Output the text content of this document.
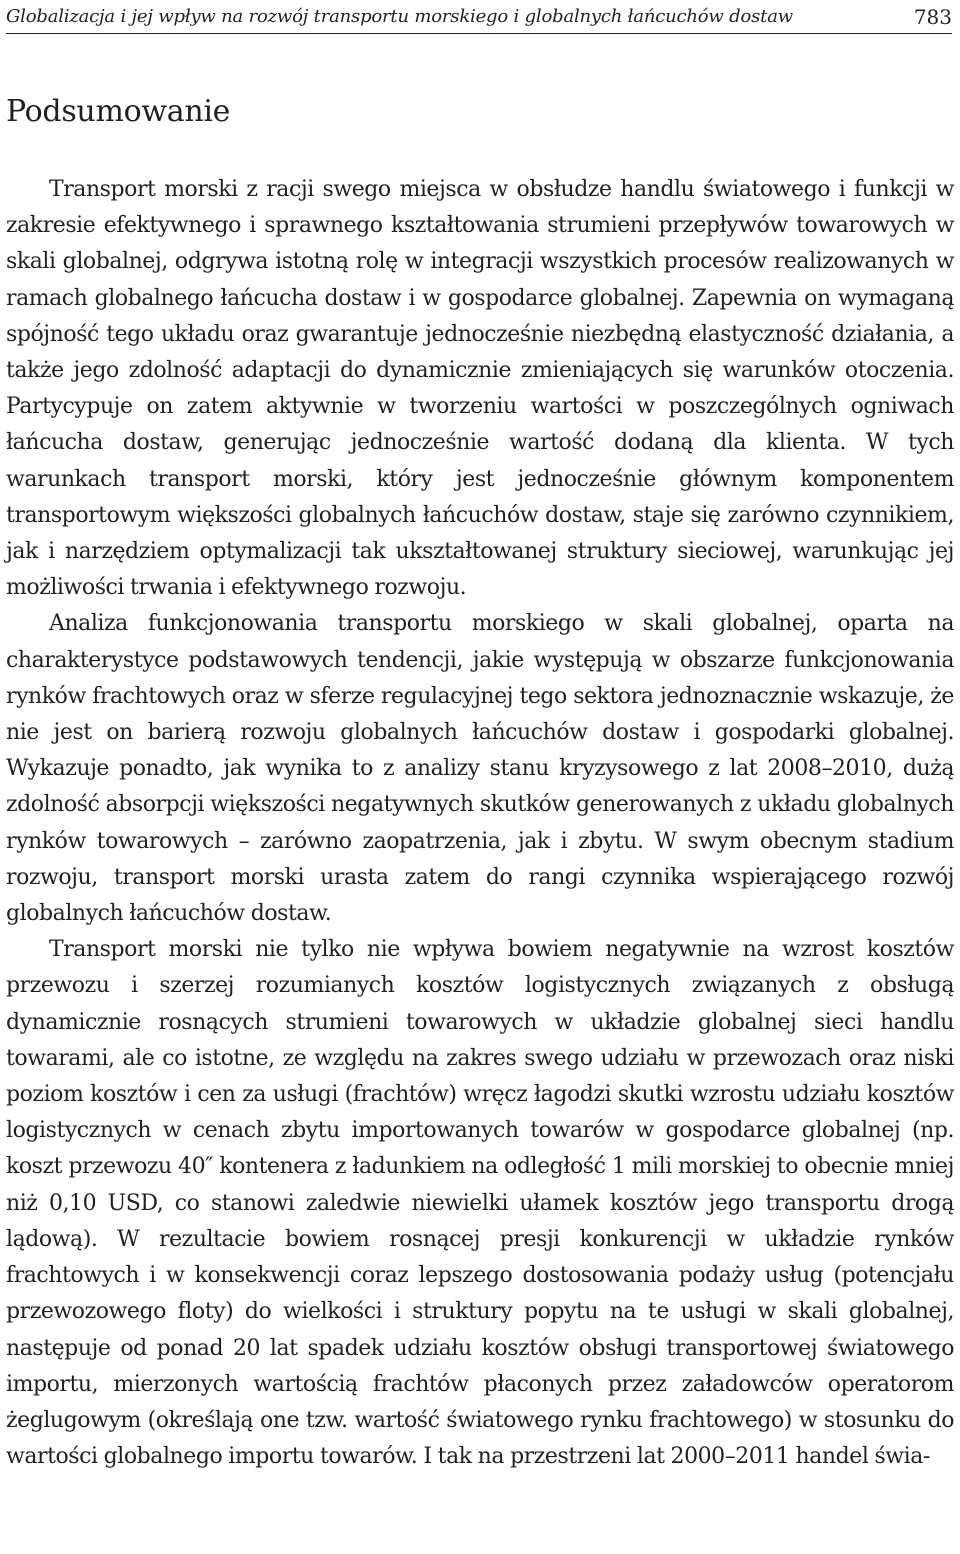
Globalizacja i jej wpływ na rozwój transportu morskiego i globalnych łańcuchów dostaw	783
Podsumowanie

Transport morski z racji swego miejsca w obsłudze handlu światowego i funkcji w zakresie efektywnego i sprawnego kształtowania strumieni przepływów towarowych w skali globalnej, odgrywa istotną rolę w integracji wszystkich procesów realizowanych w ramach globalnego łańcucha dostaw i w gospodarce globalnej. Zapewnia on wymaganą spójność tego układu oraz gwarantuje jednocześnie niezbędną elastyczność działania, a także jego zdolność adaptacji do dynamicznie zmieniających się warunków otoczenia. Partycypuje on zatem aktywnie w tworzeniu wartości w poszczególnych ogniwach łańcucha dostaw, generując jednocześnie wartość dodaną dla klienta. W tych warunkach transport morski, który jest jednocześnie głównym komponentem transportowym większości globalnych łańcuchów dostaw, staje się zarówno czynnikiem, jak i narzędziem optymalizacji tak ukształtowanej struktury sieciowej, warunkując jej możliwości trwania i efektywnego rozwoju.

Analiza funkcjonowania transportu morskiego w skali globalnej, oparta na charakterystyce podstawowych tendencji, jakie występują w obszarze funkcjonowania rynków frachtowych oraz w sferze regulacyjnej tego sektora jednoznacznie wskazuje, że nie jest on barierą rozwoju globalnych łańcuchów dostaw i gospodarki globalnej. Wykazuje ponadto, jak wynika to z analizy stanu kryzysowego z lat 2008–2010, dużą zdolność absorpcji większości negatywnych skutków generowanych z układu globalnych rynków towarowych – zarówno zaopatrzenia, jak i zbytu. W swym obecnym stadium rozwoju, transport morski urasta zatem do rangi czynnika wspierającego rozwój globalnych łańcuchów dostaw.

Transport morski nie tylko nie wpływa bowiem negatywnie na wzrost kosztów przewozu i szerzej rozumianych kosztów logistycznych związanych z obsługą dynamicznie rosnących strumieni towarowych w układzie globalnej sieci handlu towarami, ale co istotne, ze względu na zakres swego udziału w przewozach oraz niski poziom kosztów i cen za usługi (frachtów) wręcz łagodzi skutki wzrostu udziału kosztów logistycznych w cenach zbytu importowanych towarów w gospodarce globalnej (np. koszt przewozu 40″ kontenera z ładunkiem na odległość 1 mili morskiej to obecnie mniej niż 0,10 USD, co stanowi zaledwie niewielki ułamek kosztów jego transportu drogą lądową). W rezultacie bowiem rosnącej presji konkurencji w układzie rynków frachtowych i w konsekwencji coraz lepszego dostosowania podaży usług (potencjału przewozowego floty) do wielkości i struktury popytu na te usługi w skali globalnej, następuje od ponad 20 lat spadek udziału kosztów obsługi transportowej światowego importu, mierzonych wartością frachtów płaconych przez załadowców operatorom żeglugowym (określają one tzw. wartość światowego rynku frachtowego) w stosunku do wartości globalnego importu towarów. I tak na przestrzeni lat 2000–2011 handel świa-
